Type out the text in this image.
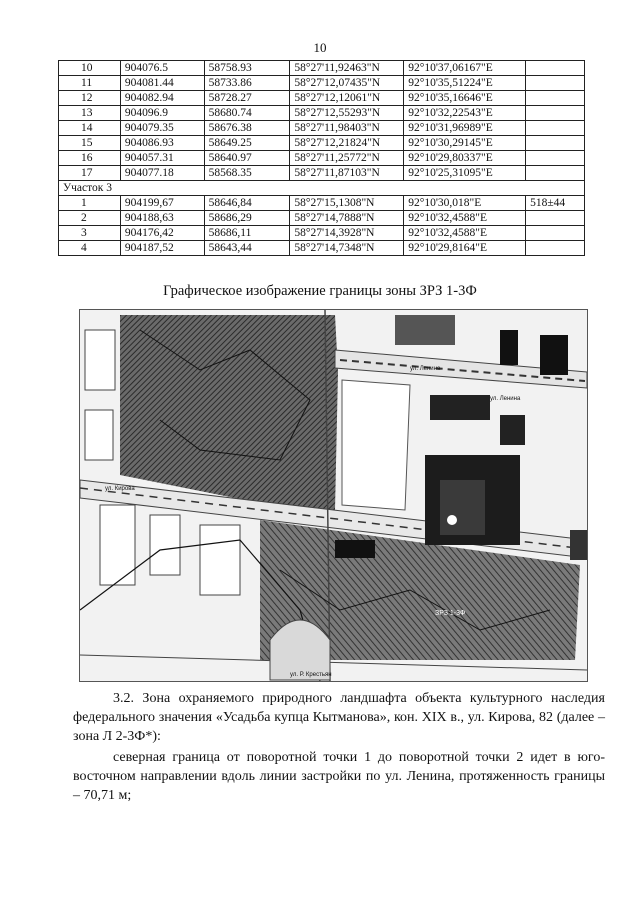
10
10	904076.5	58758.93	58°27'11,92463"N	92°10'37,06167"E	
11	904081.44	58733.86	58°27'12,07435"N	92°10'35,51224"E	
12	904082.94	58728.27	58°27'12,12061"N	92°10'35,16646"E	
13	904096.9	58680.74	58°27'12,55293"N	92°10'32,22543"E	
14	904079.35	58676.38	58°27'11,98403"N	92°10'31,96989"E	
15	904086.93	58649.25	58°27'12,21824"N	92°10'30,29145"E	
16	904057.31	58640.97	58°27'11,25772"N	92°10'29,80337"E	
17	904077.18	58568.35	58°27'11,87103"N	92°10'25,31095"E	
Участок 3					
1	904199,67	58646,84	58°27'15,1308"N	92°10'30,018"E	518±44
2	904188,63	58686,29	58°27'14,7888"N	92°10'32,4588"E	
3	904176,42	58686,11	58°27'14,3928"N	92°10'32,4588"E	
4	904187,52	58643,44	58°27'14,7348"N	92°10'29,8164"E	
Графическое изображение границы зоны ЗРЗ 1-3Ф
ул. Ленина
ул. Ленина
ул. Кирова
ул. Р. Крестьян
ЗРЗ 1-3Ф
3.2. Зона охраняемого природного ландшафта объекта культурного наследия федерального значения «Усадьба купца Кытманова», кон. XIX в., ул. Кирова, 82 (далее – зона Л 2-3Ф*):
северная граница от поворотной точки 1 до поворотной точки 2 идет в юго-восточном направлении вдоль линии застройки по ул. Ленина, протяженность границы – 70,71 м;
